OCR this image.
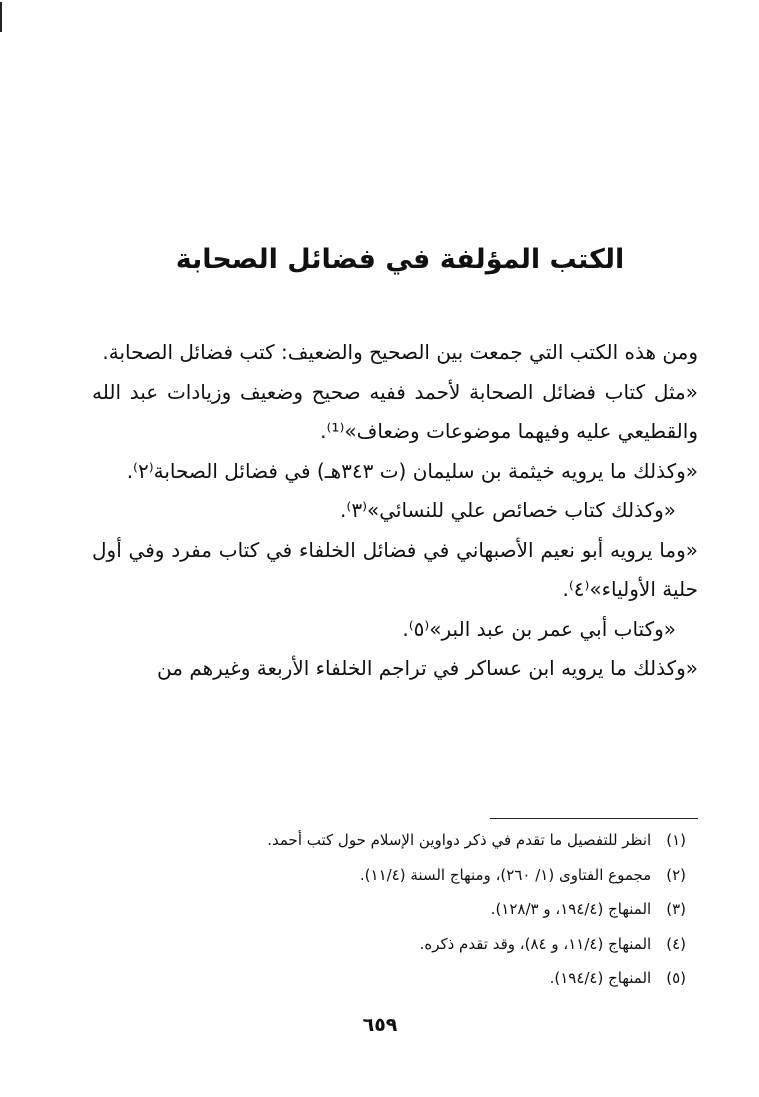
الكتب المؤلفة في فضائل الصحابة

ومن هذه الكتب التي جمعت بين الصحيح والضعيف: كتب فضائل الصحابة.

«مثل كتاب فضائل الصحابة لأحمد ففيه صحيح وضعيف وزيادات عبد الله والقطيعي عليه وفيهما موضوعات وضعاف»⁽¹⁾.

«وكذلك ما يرويه خيثمة بن سليمان (ت ٣٤٣هـ) في فضائل الصحابة⁽٢⁾.

«وكذلك كتاب خصائص علي للنسائي»⁽٣⁾.

«وما يرويه أبو نعيم الأصبهاني في فضائل الخلفاء في كتاب مفرد وفي أول حلية الأولياء»⁽٤⁾.

«وكتاب أبي عمر بن عبد البر»⁽٥⁾.

«وكذلك ما يرويه ابن عساكر في تراجم الخلفاء الأربعة وغيرهم من

(١) انظر للتفصيل ما تقدم في ذكر دواوين الإسلام حول كتب أحمد.
(٢) مجموع الفتاوى (١/ ٢٦٠)، ومنهاج السنة (١١/٤).
(٣) المنهاج (١٩٤/٤، و ١٢٨/٣).
(٤) المنهاج (١١/٤، و ٨٤)، وقد تقدم ذكره.
(٥) المنهاج (١٩٤/٤).
٦٥٩
